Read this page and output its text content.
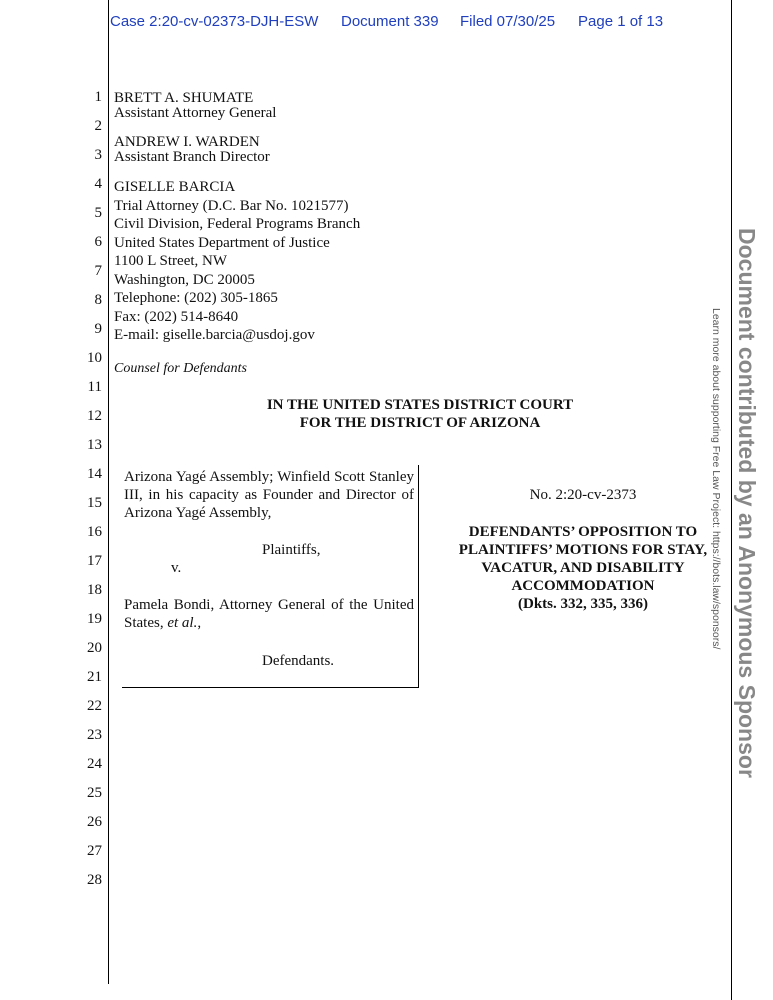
Case 2:20-cv-02373-DJH-ESW Document 339 Filed 07/30/25 Page 1 of 13
1
2
3
4
5
6
7
8
9
10
11
12
13
14
15
16
17
18
19
20
21
22
23
24
25
26
27
28
BRETT A. SHUMATE
Assistant Attorney General
ANDREW I. WARDEN
Assistant Branch Director
GISELLE BARCIA
Trial Attorney (D.C. Bar No. 1021577)
Civil Division, Federal Programs Branch
United States Department of Justice
1100 L Street, NW
Washington, DC 20005
Telephone: (202) 305-1865
Fax: (202) 514-8640
E-mail: giselle.barcia@usdoj.gov
Counsel for Defendants
IN THE UNITED STATES DISTRICT COURT
FOR THE DISTRICT OF ARIZONA
Arizona Yagé Assembly; Winfield Scott Stanley III, in his capacity as Founder and Director of Arizona Yagé Assembly,
Plaintiffs,
v.
Pamela Bondi, Attorney General of the United States, et al.,
Defendants.
No. 2:20-cv-2373
DEFENDANTS’ OPPOSITION TO
PLAINTIFFS’ MOTIONS FOR STAY,
VACATUR, AND DISABILITY
ACCOMMODATION
(Dkts. 332, 335, 336)	Document contributed by an Anonymous Sponsor
Learn more about supporting Free Law Project: https://bots.law/sponsors/
